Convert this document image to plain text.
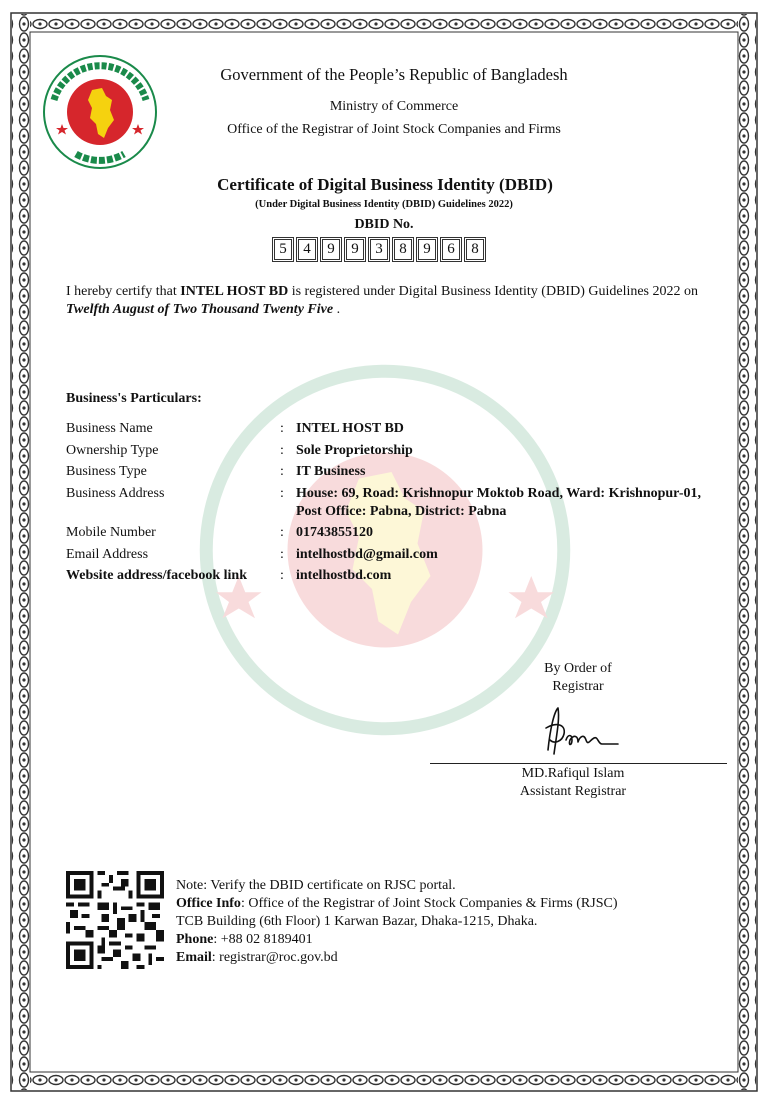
Government of the People’s Republic of Bangladesh
Ministry of Commerce
Office of the Registrar of Joint Stock Companies and Firms
Certificate of Digital Business Identity (DBID)
(Under Digital Business Identity (DBID) Guidelines 2022)
DBID No.
5	4	9	9	3	8	9	6	8
I hereby certify that INTEL HOST BD is registered under Digital Business Identity (DBID) Guidelines 2022 on Twelfth August of Two Thousand Twenty Five .
Business's Particulars:
Business Name	: INTEL HOST BD
Ownership Type	: Sole Proprietorship
Business Type	: IT Business
Business Address	: House: 69, Road: Krishnopur Moktob Road, Ward: Krishnopur-01, Post Office: Pabna, District: Pabna
Mobile Number	: 01743855120
Email Address	: intelhostbd@gmail.com
Website address/facebook link	: intelhostbd.com
By Order of
Registrar
MD.Rafiqul Islam
Assistant Registrar
Note: Verify the DBID certificate on RJSC portal.
Office Info: Office of the Registrar of Joint Stock Companies & Firms (RJSC)
TCB Building (6th Floor) 1 Karwan Bazar, Dhaka-1215, Dhaka.
Phone: +88 02 8189401
Email: registrar@roc.gov.bd
